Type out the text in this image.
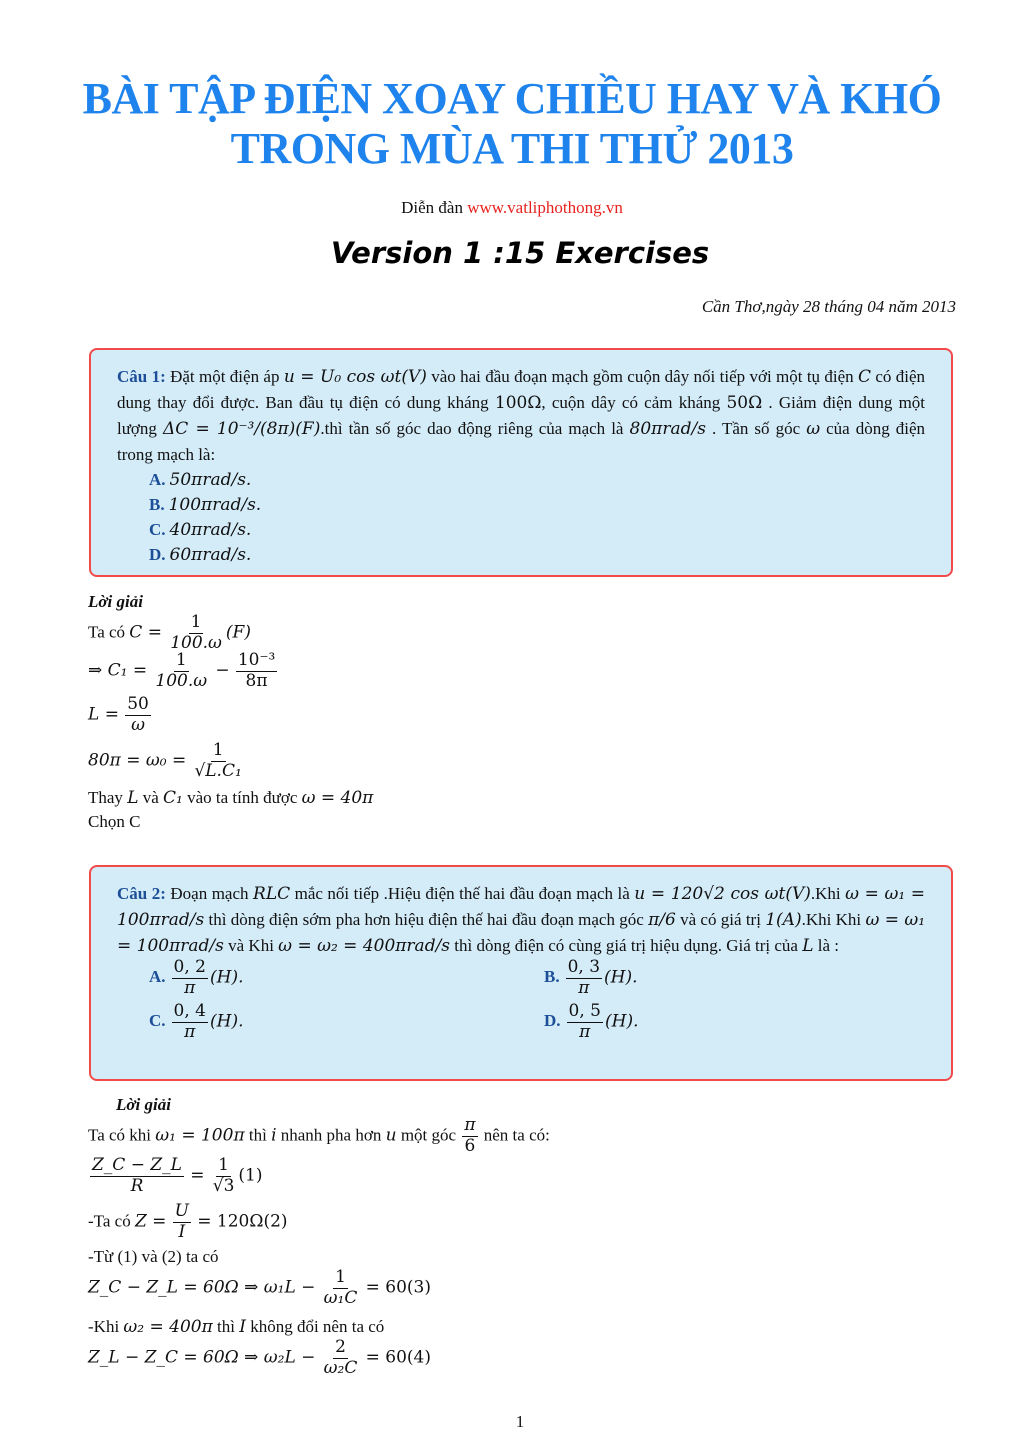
BÀI TẬP ĐIỆN XOAY CHIỀU HAY VÀ KHÓ
TRONG MÙA THI THỬ 2013
Diễn đàn www.vatliphothong.vn
Version 1 :15 Exercises
Cần Thơ,ngày 28 tháng 04 năm 2013
Câu 1: Đặt một điện áp u = U₀ cos ωt(V) vào hai đầu đoạn mạch gồm cuộn dây nối tiếp với một tụ điện C có điện dung thay đổi được. Ban đầu tụ điện có dung kháng 100Ω, cuộn dây có cảm kháng 50Ω . Giảm điện dung một lượng ΔC = 10⁻³/(8π)(F).thì tần số góc dao động riêng của mạch là 80πrad/s . Tần số góc ω của dòng điện trong mạch là:
A. 50πrad/s.
B. 100πrad/s.
C. 40πrad/s.
D. 60πrad/s.
Lời giải
Ta có $C = \frac{1}{100.\omega} (F)$
⇒ $C_1 = \frac{1}{100.\omega} - \frac{\text{10⁻³}}{8\pi}$
$L = \frac{50}{\omega}$
$80\pi = \omega_0 = \frac{1}{\text{√L.C₁}}$
Thay L và C₁ vào ta tính được ω = 40π
Chọn C
Câu 2: Đoạn mạch RLC mắc nối tiếp .Hiệu điện thế hai đầu đoạn mạch là u = 120√2 cos ωt(V).Khi ω = ω₁ = 100πrad/s thì dòng điện sớm pha hơn hiệu điện thế hai đầu đoạn mạch góc π/6 và có giá trị 1(A).Khi Khi ω = ω₁ = 100πrad/s và Khi ω = ω₂ = 400πrad/s thì dòng điện có cùng giá trị hiệu dụng. Giá trị của L là :
A. $\frac{0, 2}{\pi} (H)$.	B. $\frac{0, 3}{\pi} (H)$.
C. $\frac{0, 4}{\pi} (H)$.	D. $\frac{0, 5}{\pi} (H)$.
Lời giải
Ta có khi ω₁ = 100π thì i nhanh pha hơn u một góc $\frac{\pi}{6}$ nên ta có:
$\frac{Z\_C - Z\_L}{R} = \frac{1}{√3} (1)$
-Ta có $Z = \frac{U}{I} = 120\Omega(2)$
-Từ (1) và (2) ta có
Z_C − Z_L = 60Ω ⇒ $\omega_1L - \frac{1}{\text{ω₁C}} = 60(3)$
-Khi ω₂ = 400π thì I không đổi nên ta có
Z_L − Z_C = 60Ω ⇒ $\omega_2L - \frac{2}{\text{ω₂C}} = 60(4)$
1
